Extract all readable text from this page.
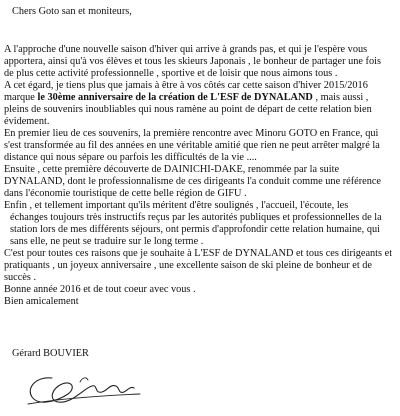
Chers Goto san et moniteurs,
A l'approche d'une nouvelle saison d'hiver qui arrive à grands pas, et qui je l'espère vous
apportera, ainsi qu'à vos élèves et tous les skieurs Japonais , le bonheur de partager une fois
de plus cette activité professionnelle , sportive et de loisir que nous aimons tous .
A cet égard, je tiens plus que jamais à être à vos côtés car cette saison d'hiver 2015/2016
marque le 30ème anniversaire de la création de L'ESF de DYNALAND , mais aussi ,
pleins de souvenirs inoubliables qui nous ramène au point de départ de cette relation bien
évidement.
En premier lieu de ces souvenirs, la première rencontre avec Minoru GOTO en France, qui
s'est transformée au fil des années en une véritable amitié que rien ne peut arrêter malgré la
distance qui nous sépare ou parfois les difficultés de la vie ....
Ensuite , cette première découverte de DAINICHI-DAKE, renommée par la suite
DYNALAND, dont le professionnalisme de ces dirigeants l'a conduit comme une référence
dans l'économie touristique de cette belle région de GIFU .
Enfin , et tellement important qu'ils méritent d'être soulignés , l'accueil, l'écoute, les
échanges toujours très instructifs reçus par les autorités publiques et professionnelles de la
station lors de mes différents séjours, ont permis d'approfondir cette relation humaine, qui
sans elle, ne peut se traduire sur le long terme .
C'est pour toutes ces raisons que je souhaite à L'ESF de DYNALAND et tous ces dirigeants et
pratiquants , un joyeux anniversaire , une excellente saison de ski pleine de bonheur et de
succès .
Bonne année 2016 et de tout coeur avec vous .
Bien amicalement
Gérard BOUVIER
